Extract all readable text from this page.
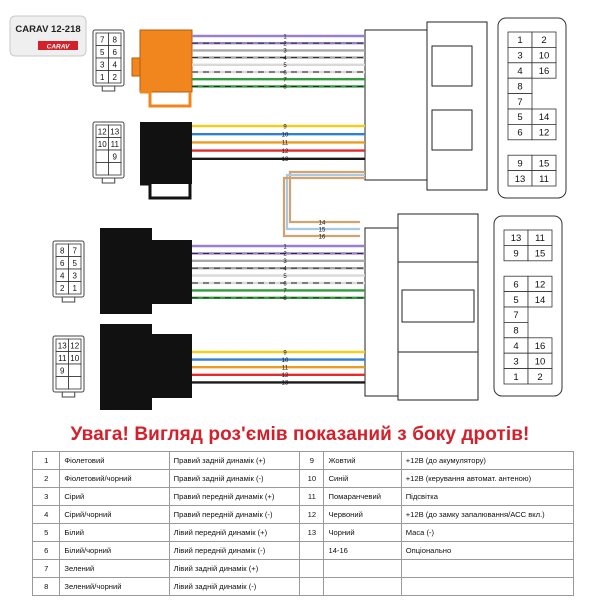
CARAV 12-218
CARAV
1
2
3
4
5
6
7
8
9
10
11
12
13
14
15
16
1
2
3
4
5
6
7
8
9
10
11
12
13
7 8
5 6
3 4
1 2
12 13
10 11
9
8 7
6 5
4 3
2 1
13 12
11 10
9
1 2
3 10
4 16
8
7
5 14
6 12
9 15
13 11
13 11
9 15
6 12
5 14
7
8
4 16
3 10
1 2
Увага! Вигляд роз'ємів показаний з боку дротів!
1	Фіолетовий	Правий задній динамік (+)	9	Жовтий	+12В (до акумулятору)
2	Фіолетовий/чорний	Правий задній динамік (-)	10	Синій	+12В (керування автомат. антеною)
3	Сірий	Правий передній динамік (+)	11	Помаранчевий	Підсвітка
4	Сірий/чорний	Правий передній динамік (-)	12	Червоний	+12В (до замку запалювання/АСС вкл.)
5	Білий	Лівий передній динамік (+)	13	Чорний	Маса (-)
6	Білий/чорний	Лівий передній динамік (-)		14-16	Опціонально
7	Зелений	Лівий задній динамік (+)			
8	Зелений/чорний	Лівий задній динамік (-)			
